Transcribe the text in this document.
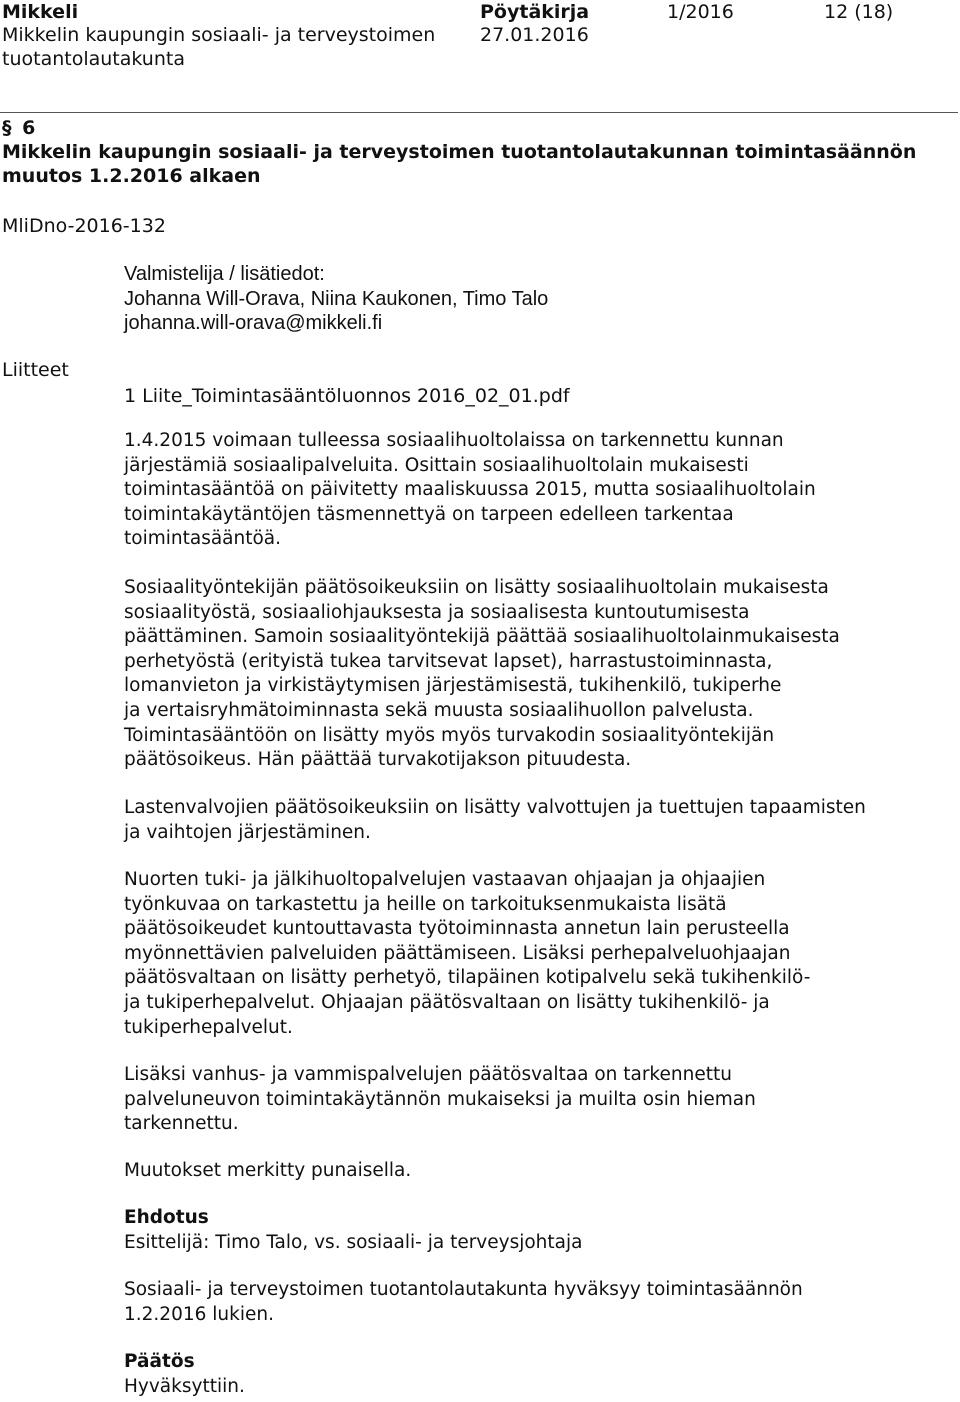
Mikkeli
Mikkelin kaupungin sosiaali- ja terveystoimen
tuotantolautakunta
Pöytäkirja
27.01.2016
1/2016	12 (18)
§ 6
Mikkelin kaupungin sosiaali- ja terveystoimen tuotantolautakunnan toimintasäännön
muutos 1.2.2016 alkaen
MliDno-2016-132
Valmistelija / lisätiedot:
Johanna Will-Orava, Niina Kaukonen, Timo Talo
johanna.will-orava@mikkeli.fi
Liitteet
1 Liite_Toimintasääntöluonnos 2016_02_01.pdf
1.4.2015 voimaan tulleessa sosiaalihuoltolaissa on tarkennettu kunnan
järjestämiä sosiaalipalveluita. Osittain sosiaalihuoltolain mukaisesti
toimintasääntöä on päivitetty maaliskuussa 2015, mutta sosiaalihuoltolain
toimintakäytäntöjen täsmennettyä on tarpeen edelleen tarkentaa
toimintasääntöä.
Sosiaalityöntekijän päätösoikeuksiin on lisätty sosiaalihuoltolain mukaisesta
sosiaalityöstä, sosiaaliohjauksesta ja sosiaalisesta kuntoutumisesta
päättäminen. Samoin sosiaalityöntekijä päättää sosiaalihuoltolainmukaisesta
perhetyöstä (erityistä tukea tarvitsevat lapset), harrastustoiminnasta,
lomanvieton ja virkistäytymisen järjestämisestä, tukihenkilö, tukiperhe
ja vertaisryhmätoiminnasta sekä muusta sosiaalihuollon palvelusta.
Toimintasääntöön on lisätty myös myös turvakodin sosiaalityöntekijän
päätösoikeus. Hän päättää turvakotijakson pituudesta.
Lastenvalvojien päätösoikeuksiin on lisätty valvottujen ja tuettujen tapaamisten
ja vaihtojen järjestäminen.
Nuorten tuki- ja jälkihuoltopalvelujen vastaavan ohjaajan ja ohjaajien
työnkuvaa on tarkastettu ja heille on tarkoituksenmukaista lisätä
päätösoikeudet kuntouttavasta työtoiminnasta annetun lain perusteella
myönnettävien palveluiden päättämiseen. Lisäksi perhepalveluohjaajan
päätösvaltaan on lisätty perhetyö, tilapäinen kotipalvelu sekä tukihenkilö-
ja tukiperhepalvelut. Ohjaajan päätösvaltaan on lisätty tukihenkilö- ja
tukiperhepalvelut.
Lisäksi vanhus- ja vammispalvelujen päätösvaltaa on tarkennettu
palveluneuvon toimintakäytännön mukaiseksi ja muilta osin hieman
tarkennettu.
Muutokset merkitty punaisella.
Ehdotus
Esittelijä: Timo Talo, vs. sosiaali- ja terveysjohtaja
Sosiaali- ja terveystoimen tuotantolautakunta hyväksyy toimintasäännön
1.2.2016 lukien.
Päätös
Hyväksyttiin.
